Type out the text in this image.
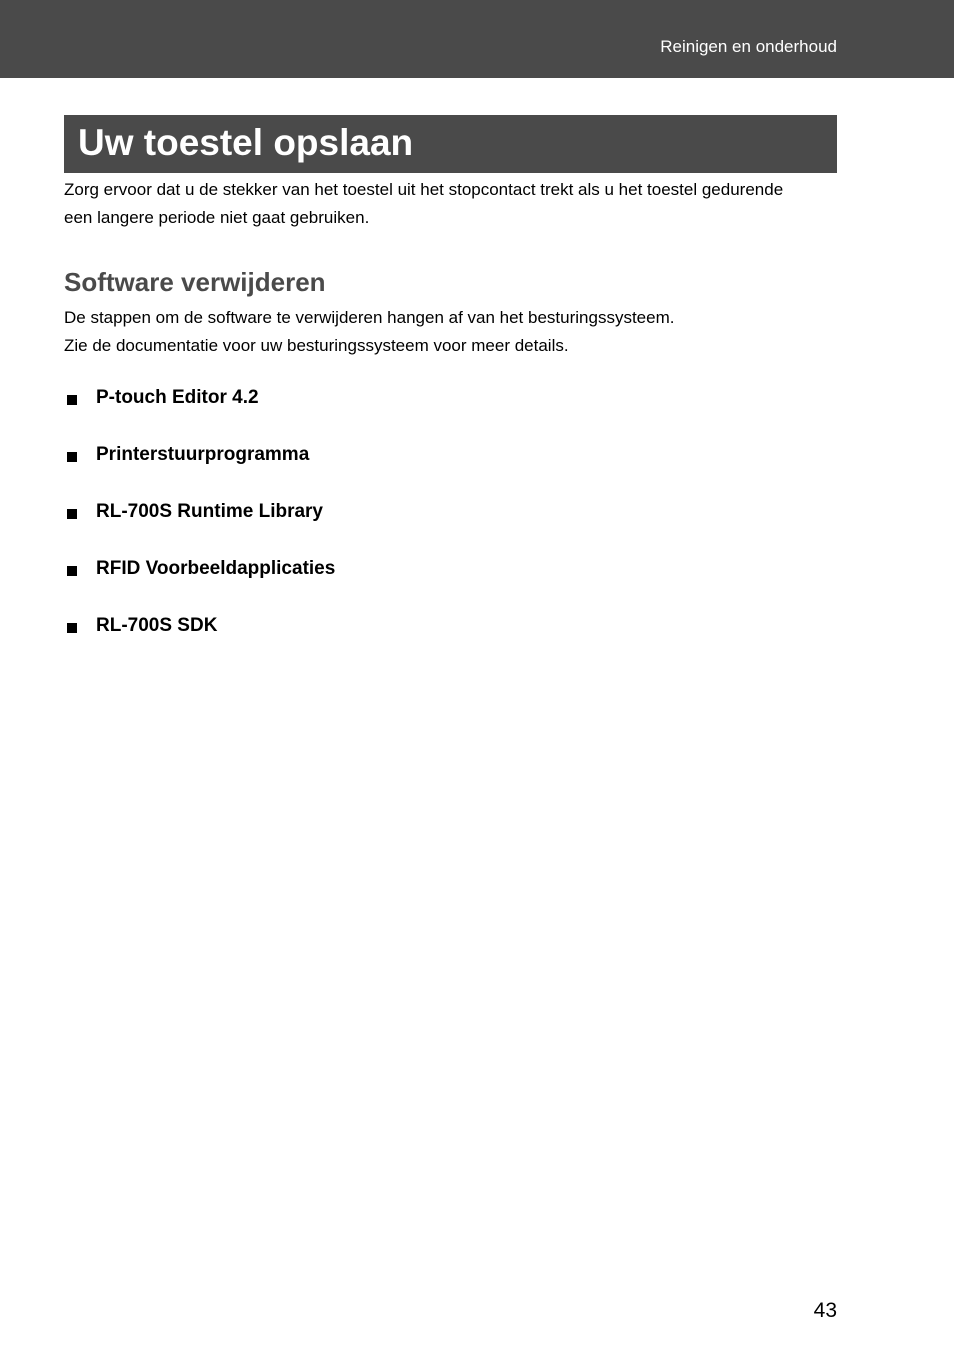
Reinigen en onderhoud
Uw toestel opslaan

Zorg ervoor dat u de stekker van het toestel uit het stopcontact trekt als u het toestel gedurende
een langere periode niet gaat gebruiken.

Software verwijderen

De stappen om de software te verwijderen hangen af van het besturingssysteem.
Zie de documentatie voor uw besturingssysteem voor meer details.

P-touch Editor 4.2
Printerstuurprogramma
RL-700S Runtime Library
RFID Voorbeeldapplicaties
RL-700S SDK
43
